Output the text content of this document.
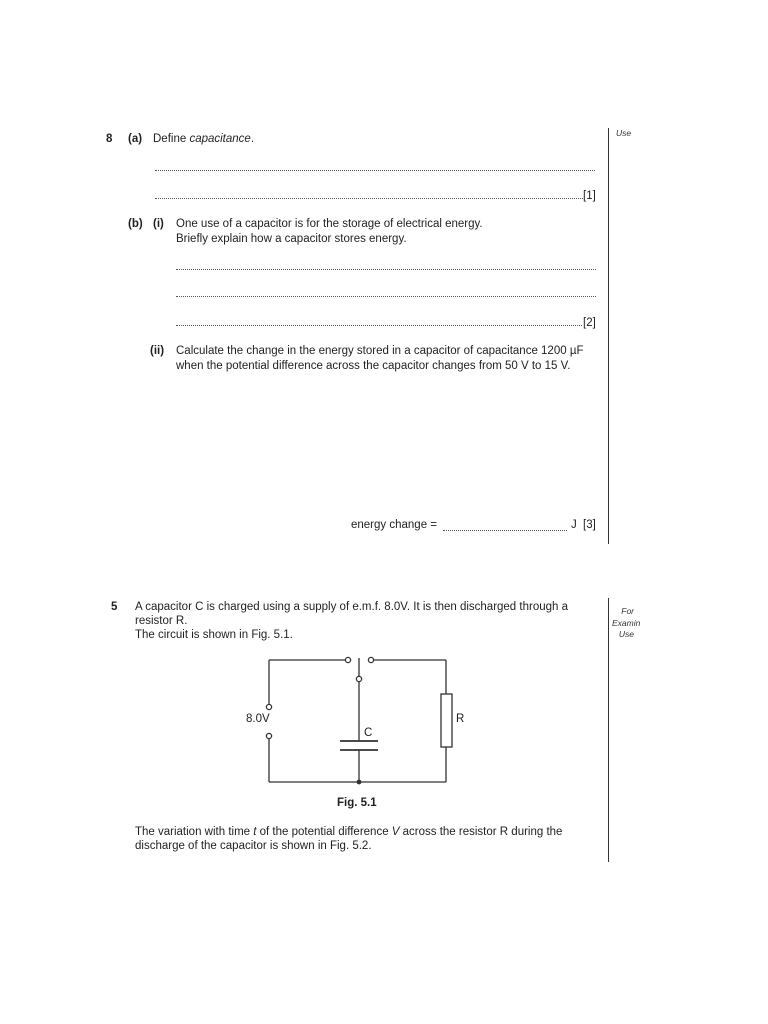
8 (a) Define capacitance.
[1]
(b) (i) One use of a capacitor is for the storage of electrical energy.
Briefly explain how a capacitor stores energy.
[2]
(ii) Calculate the change in the energy stored in a capacitor of capacitance 1200 µF
when the potential difference across the capacitor changes from 50 V to 15 V.
energy change =	J [3]
Use
5 A capacitor C is charged using a supply of e.m.f. 8.0V. It is then discharged through a
resistor R.
The circuit is shown in Fig. 5.1.
For
Examin
Use
8.0V
C
R
Fig. 5.1
The variation with time t of the potential difference V across the resistor R during the
discharge of the capacitor is shown in Fig. 5.2.
